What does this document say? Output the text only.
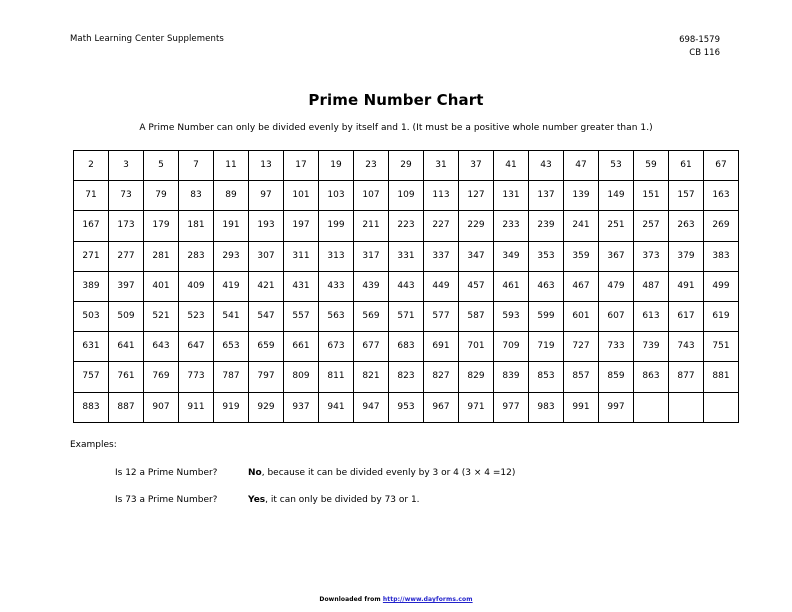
Math Learning Center Supplements	698-1579
CB 116
Prime Number Chart
A Prime Number can only be divided evenly by itself and 1. (It must be a positive whole number greater than 1.)
2	3	5	7	11	13	17	19	23	29	31	37	41	43	47	53	59	61	67
71	73	79	83	89	97	101	103	107	109	113	127	131	137	139	149	151	157	163
167	173	179	181	191	193	197	199	211	223	227	229	233	239	241	251	257	263	269
271	277	281	283	293	307	311	313	317	331	337	347	349	353	359	367	373	379	383
389	397	401	409	419	421	431	433	439	443	449	457	461	463	467	479	487	491	499
503	509	521	523	541	547	557	563	569	571	577	587	593	599	601	607	613	617	619
631	641	643	647	653	659	661	673	677	683	691	701	709	719	727	733	739	743	751
757	761	769	773	787	797	809	811	821	823	827	829	839	853	857	859	863	877	881
883	887	907	911	919	929	937	941	947	953	967	971	977	983	991	997			
Examples:
Is 12 a Prime Number?	No, because it can be divided evenly by 3 or 4 (3 × 4 =12)
Is 73 a Prime Number?	Yes, it can only be divided by 73 or 1.
Downloaded from http://www.dayforms.com
